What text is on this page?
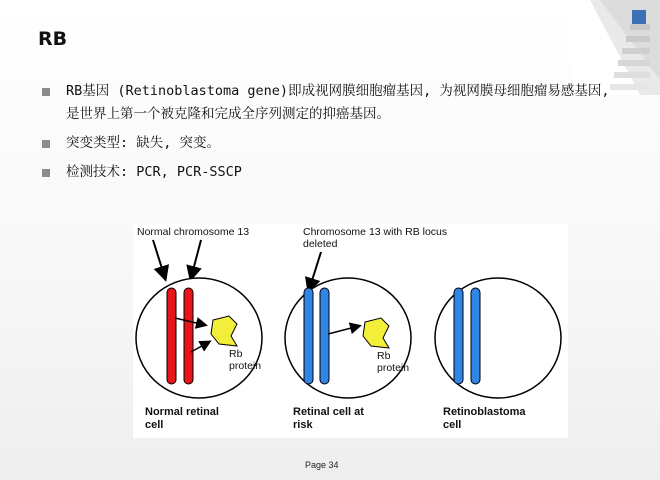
RB
RB基因 (Retinoblastoma gene)即成视网膜细胞瘤基因, 为视网膜母细胞瘤易感基因, 是世界上第一个被克隆和完成全序列测定的抑癌基因。
突变类型: 缺失, 突变。
检测技术: PCR, PCR-SSCP
Normal chromosome 13	Chromosome 13 with RB locus
deleted
Rb
protein
Rb
protein
Normal retinal
cell
Retinal cell at
risk
Retinoblastoma
cell
Page 34
